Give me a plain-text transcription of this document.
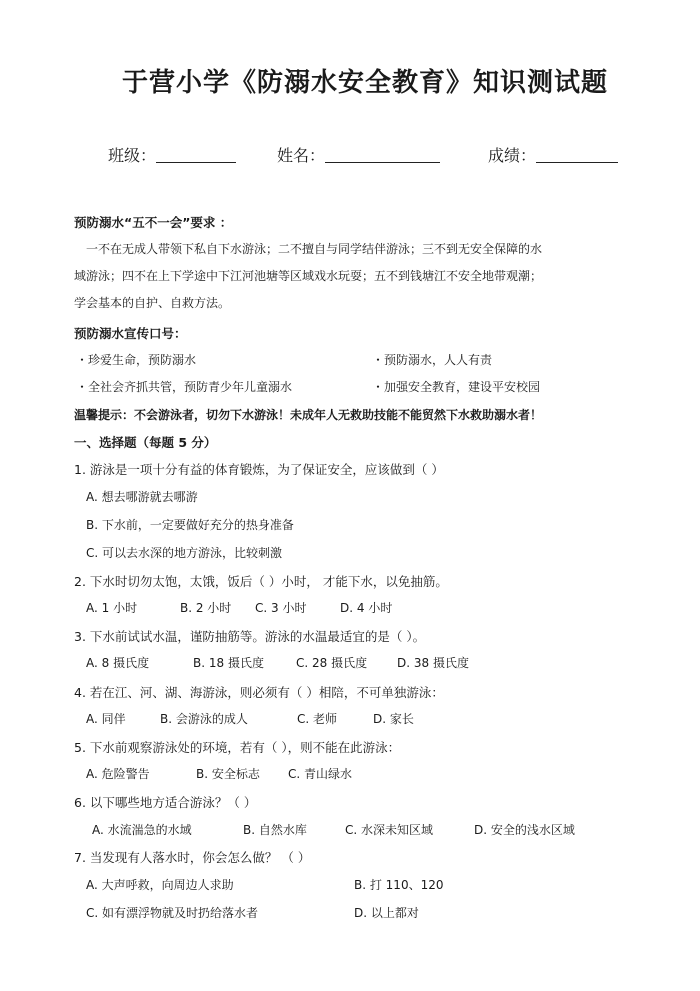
于营小学《防溺水安全教育》知识测试题
班级：	姓名：	成绩：
预防溺水“五不一会”要求 ：
一不在无成人带领下私自下水游泳；二不擅自与同学结伴游泳；三不到无安全保障的水
域游泳；四不在上下学途中下江河池塘等区域戏水玩耍；五不到钱塘江不安全地带观潮；
学会基本的自护、自救方法。
预防溺水宣传口号：
・珍爱生命，预防溺水	・预防溺水，人人有责
・全社会齐抓共管，预防青少年儿童溺水	・加强安全教育，建设平安校园
温馨提示：不会游泳者，切勿下水游泳！未成年人无救助技能不能贸然下水救助溺水者！
一、选择题（每题 5 分）
1. 游泳是一项十分有益的体育锻炼，为了保证安全，应该做到（ ）
A. 想去哪游就去哪游
B. 下水前，一定要做好充分的热身准备
C. 可以去水深的地方游泳，比较刺激
2. 下水时切勿太饱，太饿，饭后（ ）小时， 才能下水，以免抽筋。
A. 1 小时	B. 2 小时 C. 3 小时	D. 4 小时
3. 下水前试试水温，谨防抽筋等。游泳的水温最适宜的是（ ）。
A. 8 摄氏度	B. 18 摄氏度	C. 28 摄氏度 D. 38 摄氏度
4. 若在江、河、湖、海游泳，则必须有（ ）相陪，不可单独游泳：
A. 同伴	B. 会游泳的成人	C. 老师	D. 家长
5. 下水前观察游泳处的环境，若有（ ），则不能在此游泳：
A. 危险警告	B. 安全标志 C. 青山绿水
6. 以下哪些地方适合游泳？（ ）
A. 水流湍急的水域	B. 自然水库	C. 水深未知区域	D. 安全的浅水区域
7. 当发现有人落水时，你会怎么做？ （ ）
A. 大声呼救，向周边人求助	B. 打 110、120
C. 如有漂浮物就及时扔给落水者	D. 以上都对
